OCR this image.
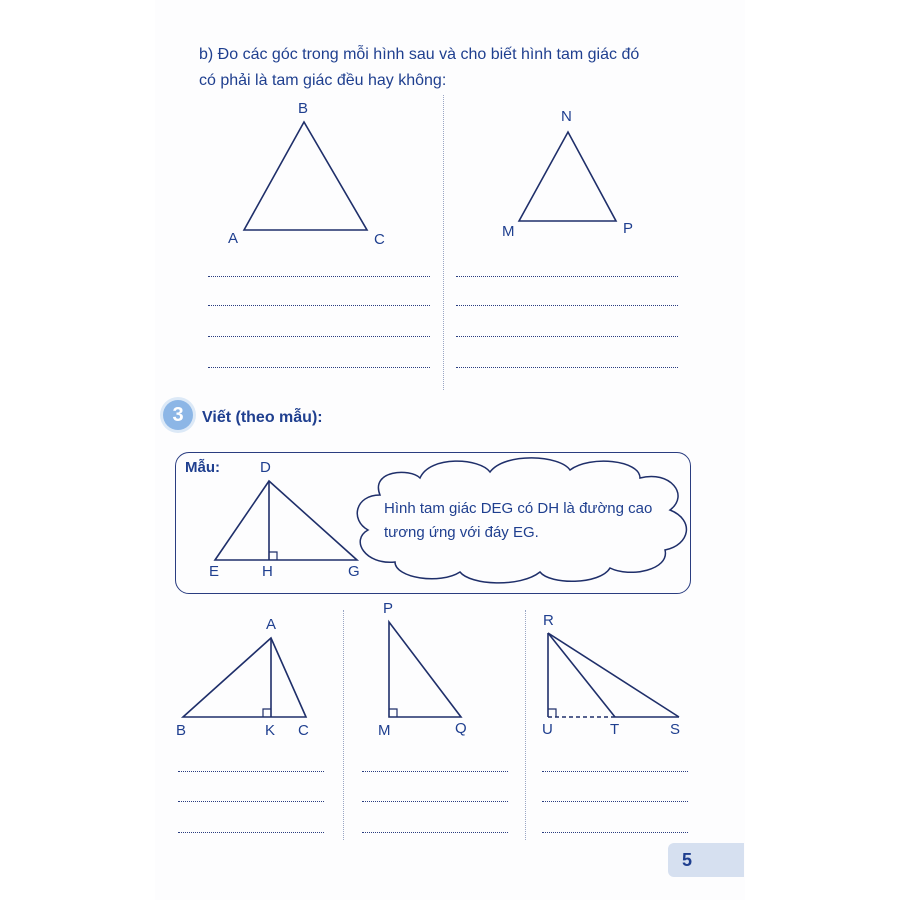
b) Đo các góc trong mỗi hình sau và cho biết hình tam giác đó
có phải là tam giác đều hay không:
B
A	C
N
M	P
3	Viết (theo mẫu):
Mẫu:	D
E	H	G
Hình tam giác DEG có DH là đường cao
tương ứng với đáy EG.
A
B	K C
P
M	Q
R
U	T	S
5
